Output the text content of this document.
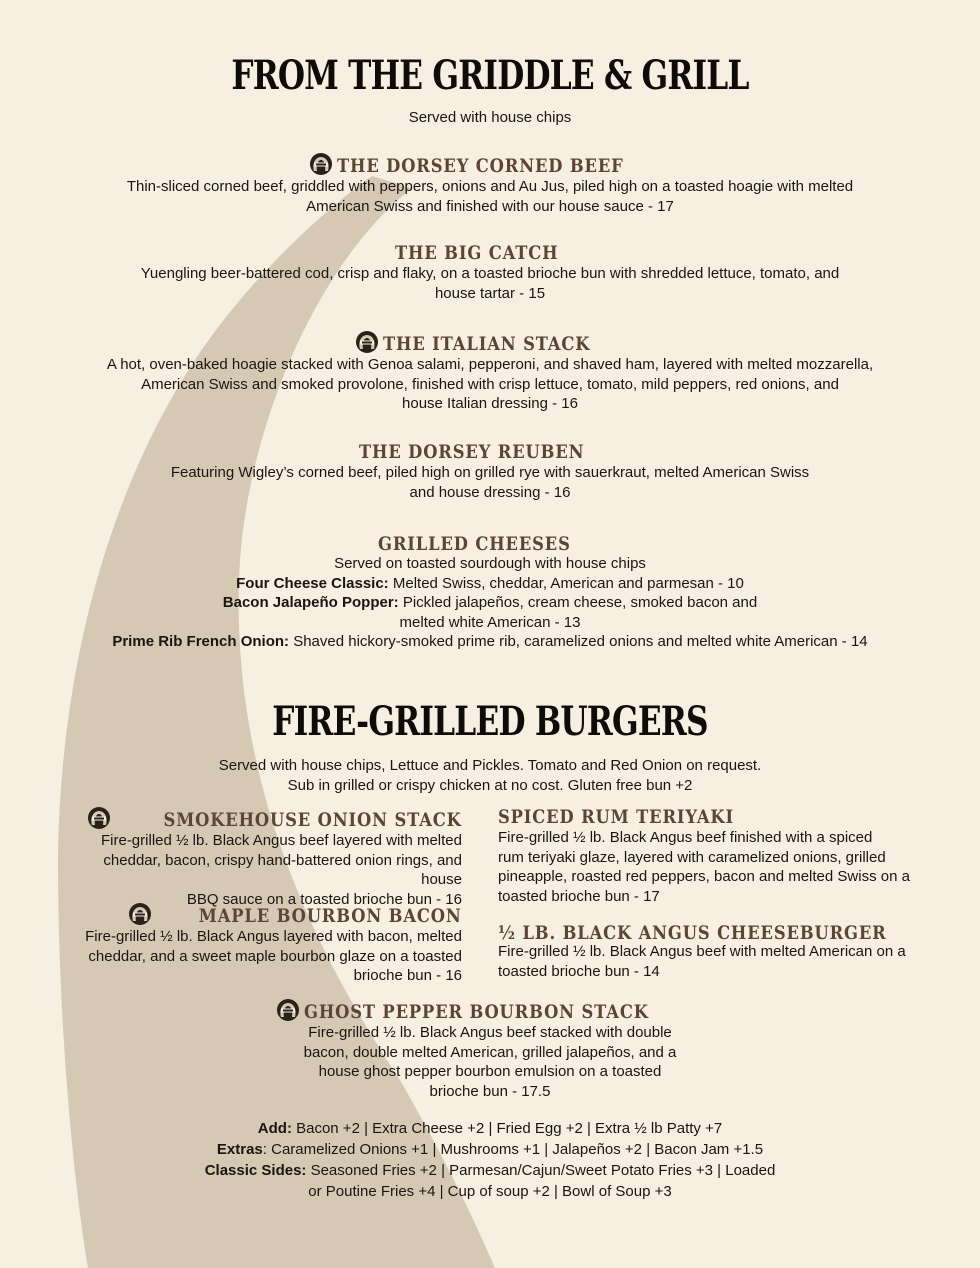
FROM THE GRIDDLE & GRILL
Served with house chips
THE DORSEY CORNED BEEF
Thin-sliced corned beef, griddled with peppers, onions and Au Jus, piled high on a toasted hoagie with melted
American Swiss and finished with our house sauce - 17
THE BIG CATCH
Yuengling beer-battered cod, crisp and flaky, on a toasted brioche bun with shredded lettuce, tomato, and
house tartar - 15
THE ITALIAN STACK
A hot, oven-baked hoagie stacked with Genoa salami, pepperoni, and shaved ham, layered with melted mozzarella,
American Swiss and smoked provolone, finished with crisp lettuce, tomato, mild peppers, red onions, and
house Italian dressing - 16
THE DORSEY REUBEN
Featuring Wigley’s corned beef, piled high on grilled rye with sauerkraut, melted American Swiss
and house dressing - 16
GRILLED CHEESES
Served on toasted sourdough with house chips
Four Cheese Classic: Melted Swiss, cheddar, American and parmesan - 10
Bacon Jalapeño Popper: Pickled jalapeños, cream cheese, smoked bacon and
melted white American - 13
Prime Rib French Onion: Shaved hickory-smoked prime rib, caramelized onions and melted white American - 14
FIRE-GRILLED BURGERS
Served with house chips, Lettuce and Pickles. Tomato and Red Onion on request.
Sub in grilled or crispy chicken at no cost. Gluten free bun +2
SMOKEHOUSE ONION STACK
Fire-grilled ½ lb. Black Angus beef layered with melted
cheddar, bacon, crispy hand-battered onion rings, and house
BBQ sauce on a toasted brioche bun - 16
MAPLE BOURBON BACON
Fire-grilled ½ lb. Black Angus layered with bacon, melted
cheddar, and a sweet maple bourbon glaze on a toasted
brioche bun - 16
SPICED RUM TERIYAKI
Fire-grilled ½ lb. Black Angus beef finished with a spiced
rum teriyaki glaze, layered with caramelized onions, grilled
pineapple, roasted red peppers, bacon and melted Swiss on a
toasted brioche bun - 17
½ LB. BLACK ANGUS CHEESEBURGER
Fire-grilled ½ lb. Black Angus beef with melted American on a
toasted brioche bun - 14
GHOST PEPPER BOURBON STACK
Fire-grilled ½ lb. Black Angus beef stacked with double
bacon, double melted American, grilled jalapeños, and a
house ghost pepper bourbon emulsion on a toasted
brioche bun - 17.5
Add: Bacon +2 | Extra Cheese +2 | Fried Egg +2 | Extra ½ lb Patty +7
Extras: Caramelized Onions +1 | Mushrooms +1 | Jalapeños +2 | Bacon Jam +1.5
Classic Sides: Seasoned Fries +2 | Parmesan/Cajun/Sweet Potato Fries +3 | Loaded
or Poutine Fries +4 | Cup of soup +2 | Bowl of Soup +3
